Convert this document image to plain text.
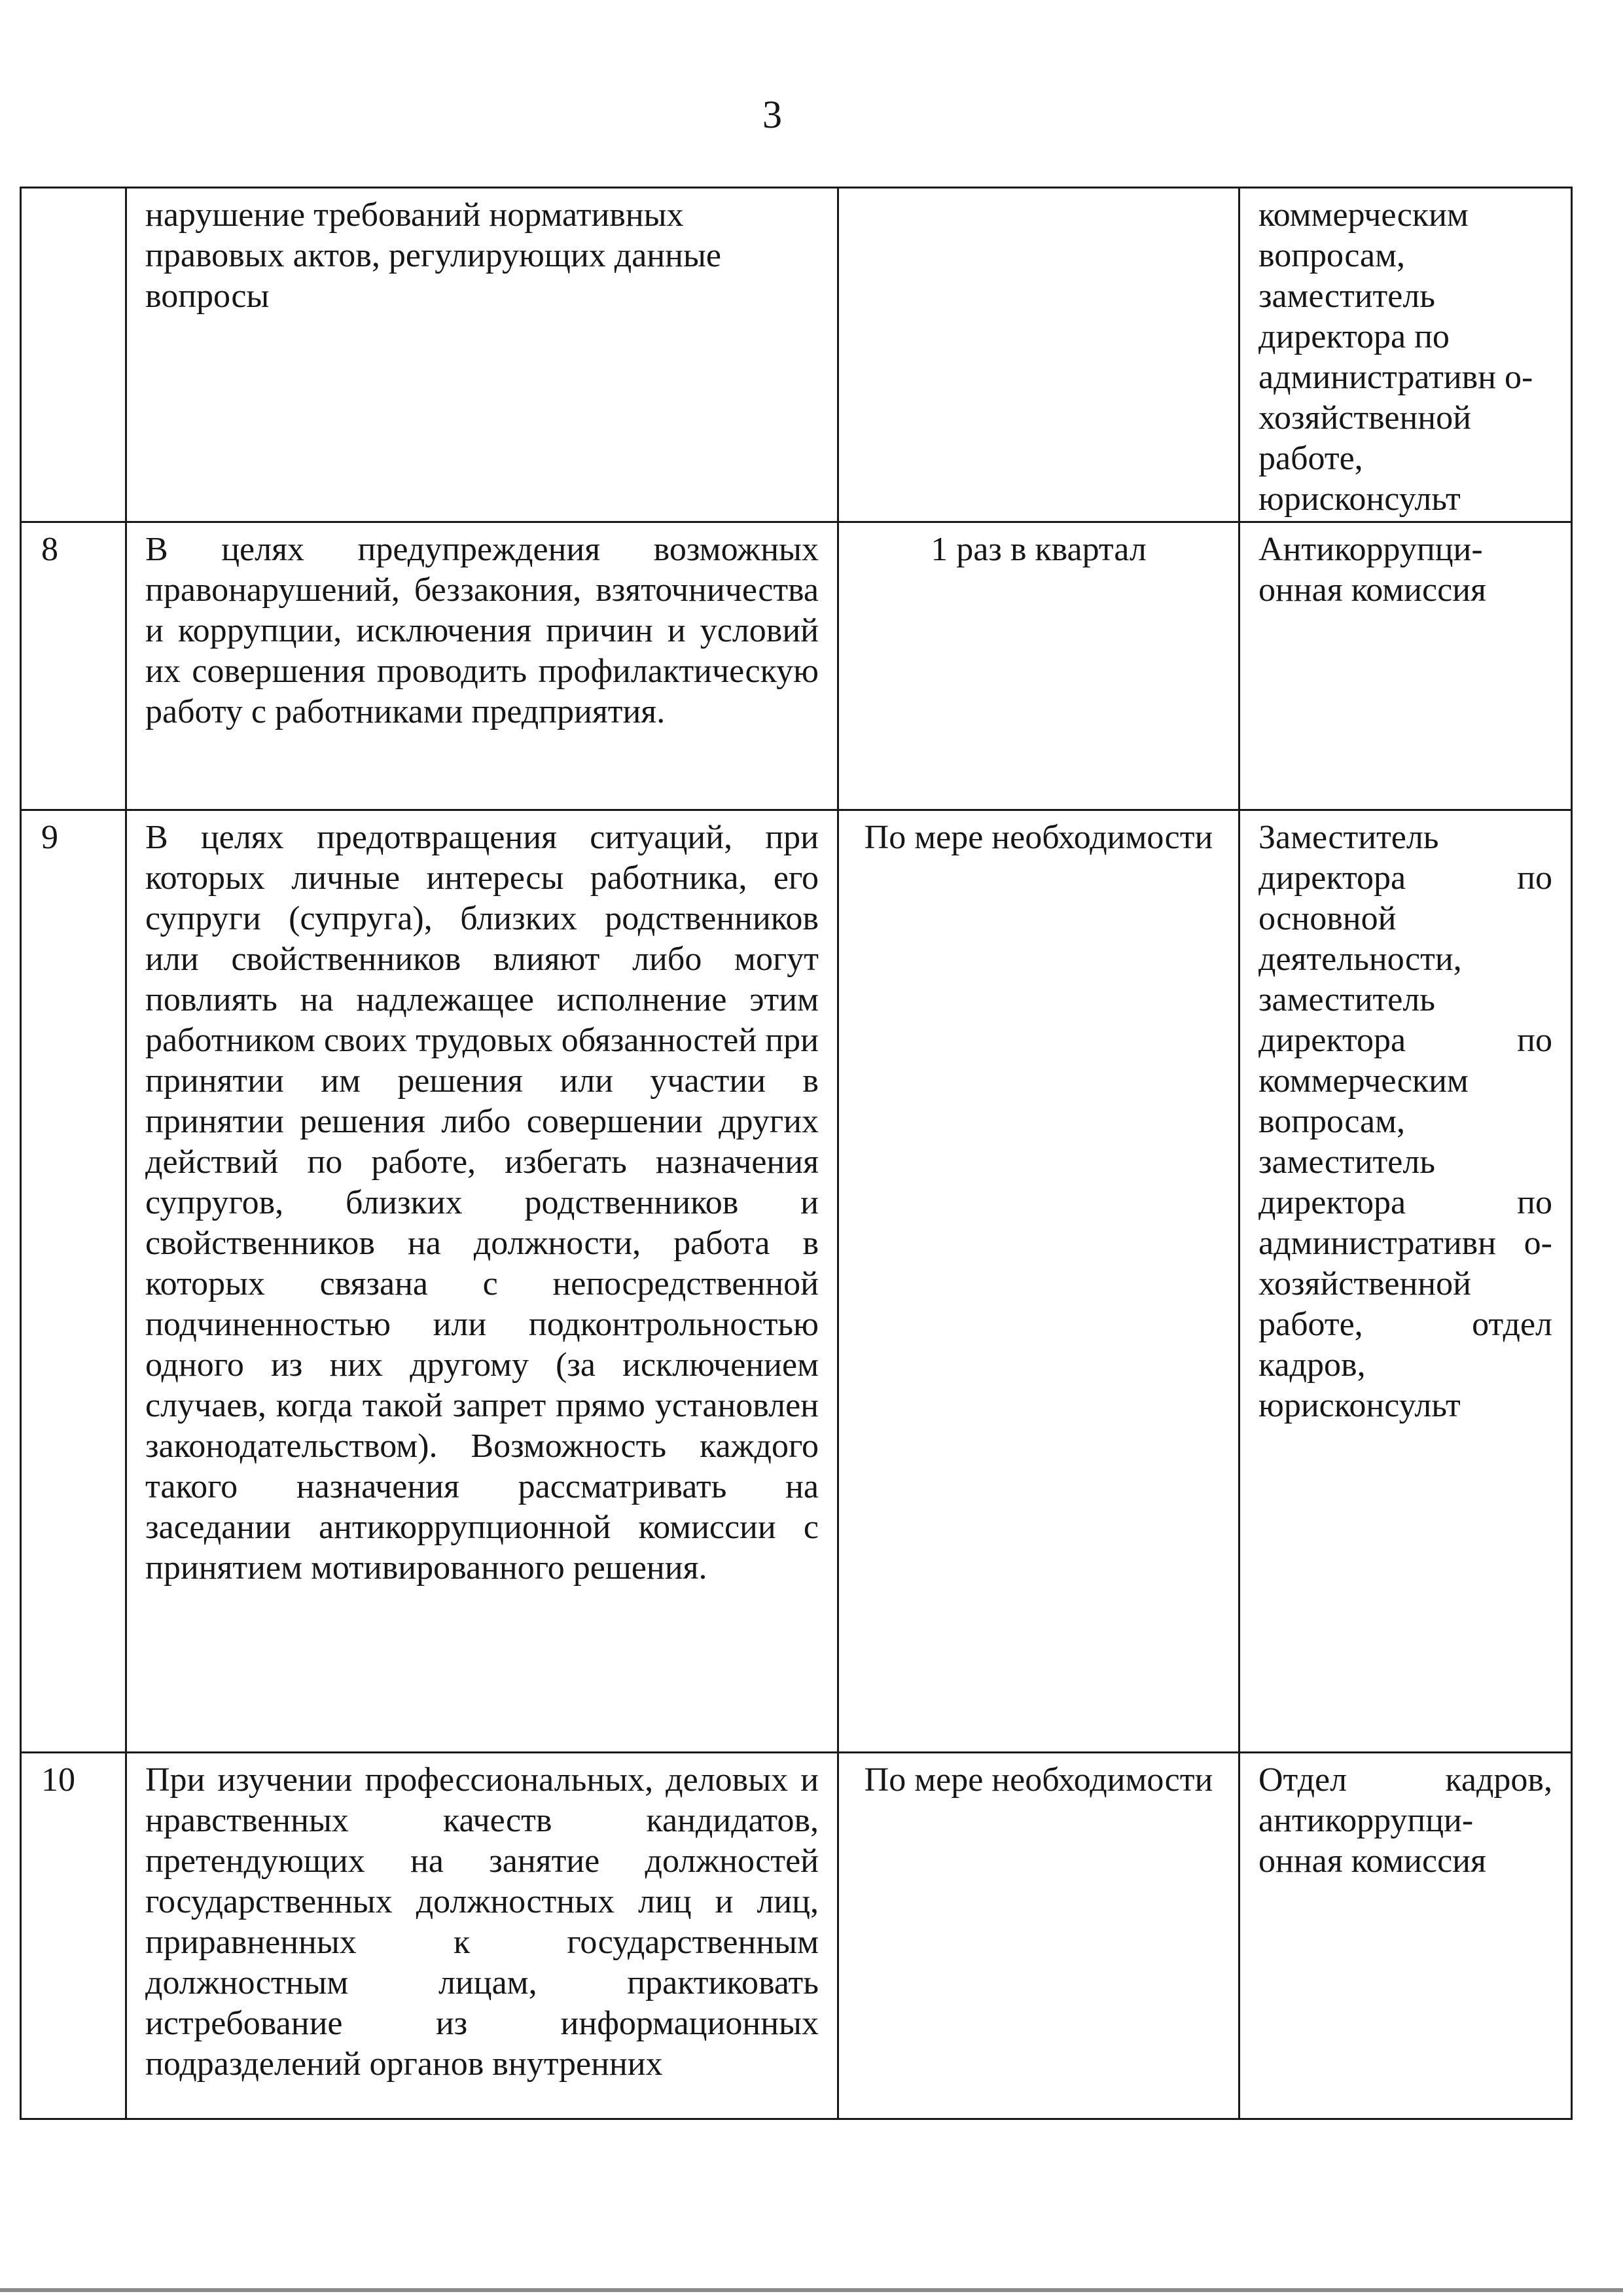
3
	нарушение требований нормативных правовых актов, регулирующих данные вопросы		коммерческим вопросам, заместитель директора по административн о-хозяйственной работе, юрисконсульт
8	В целях предупреждения возможных правонарушений, беззакония, взяточничества и коррупции, исключения причин и условий их совершения проводить профилактическую работу с работниками предприятия.	1 раз в квартал	Антикоррупци-онная комиссия
9	В целях предотвращения ситуаций, при которых личные интересы работника, его супруги (супруга), близких родственников или свойственников влияют либо могут повлиять на надлежащее исполнение этим работником своих трудовых обязанностей при принятии им решения или участии в принятии решения либо совершении других действий по работе, избегать назначения супругов, близких родственников и свойственников на должности, работа в которых связана с непосредственной подчиненностью или подконтрольностью одного из них другому (за исключением случаев, когда такой запрет прямо установлен законодательством). Возможность каждого такого назначения рассматривать на заседании антикоррупционной комиссии с принятием мотивированного решения.	По мере необходимости	Заместитель директора по основной деятельности, заместитель директора по коммерческим вопросам, заместитель директора по административн о-хозяйственной работе, отдел кадров, юрисконсульт
10	При изучении профессиональных, деловых и нравственных качеств кандидатов, претендующих на занятие должностей государственных должностных лиц и лиц, приравненных к государственным должностным лицам, практиковать истребование из информационных подразделений органов внутренних	По мере необходимости	Отдел кадров, антикоррупци-онная комиссия
